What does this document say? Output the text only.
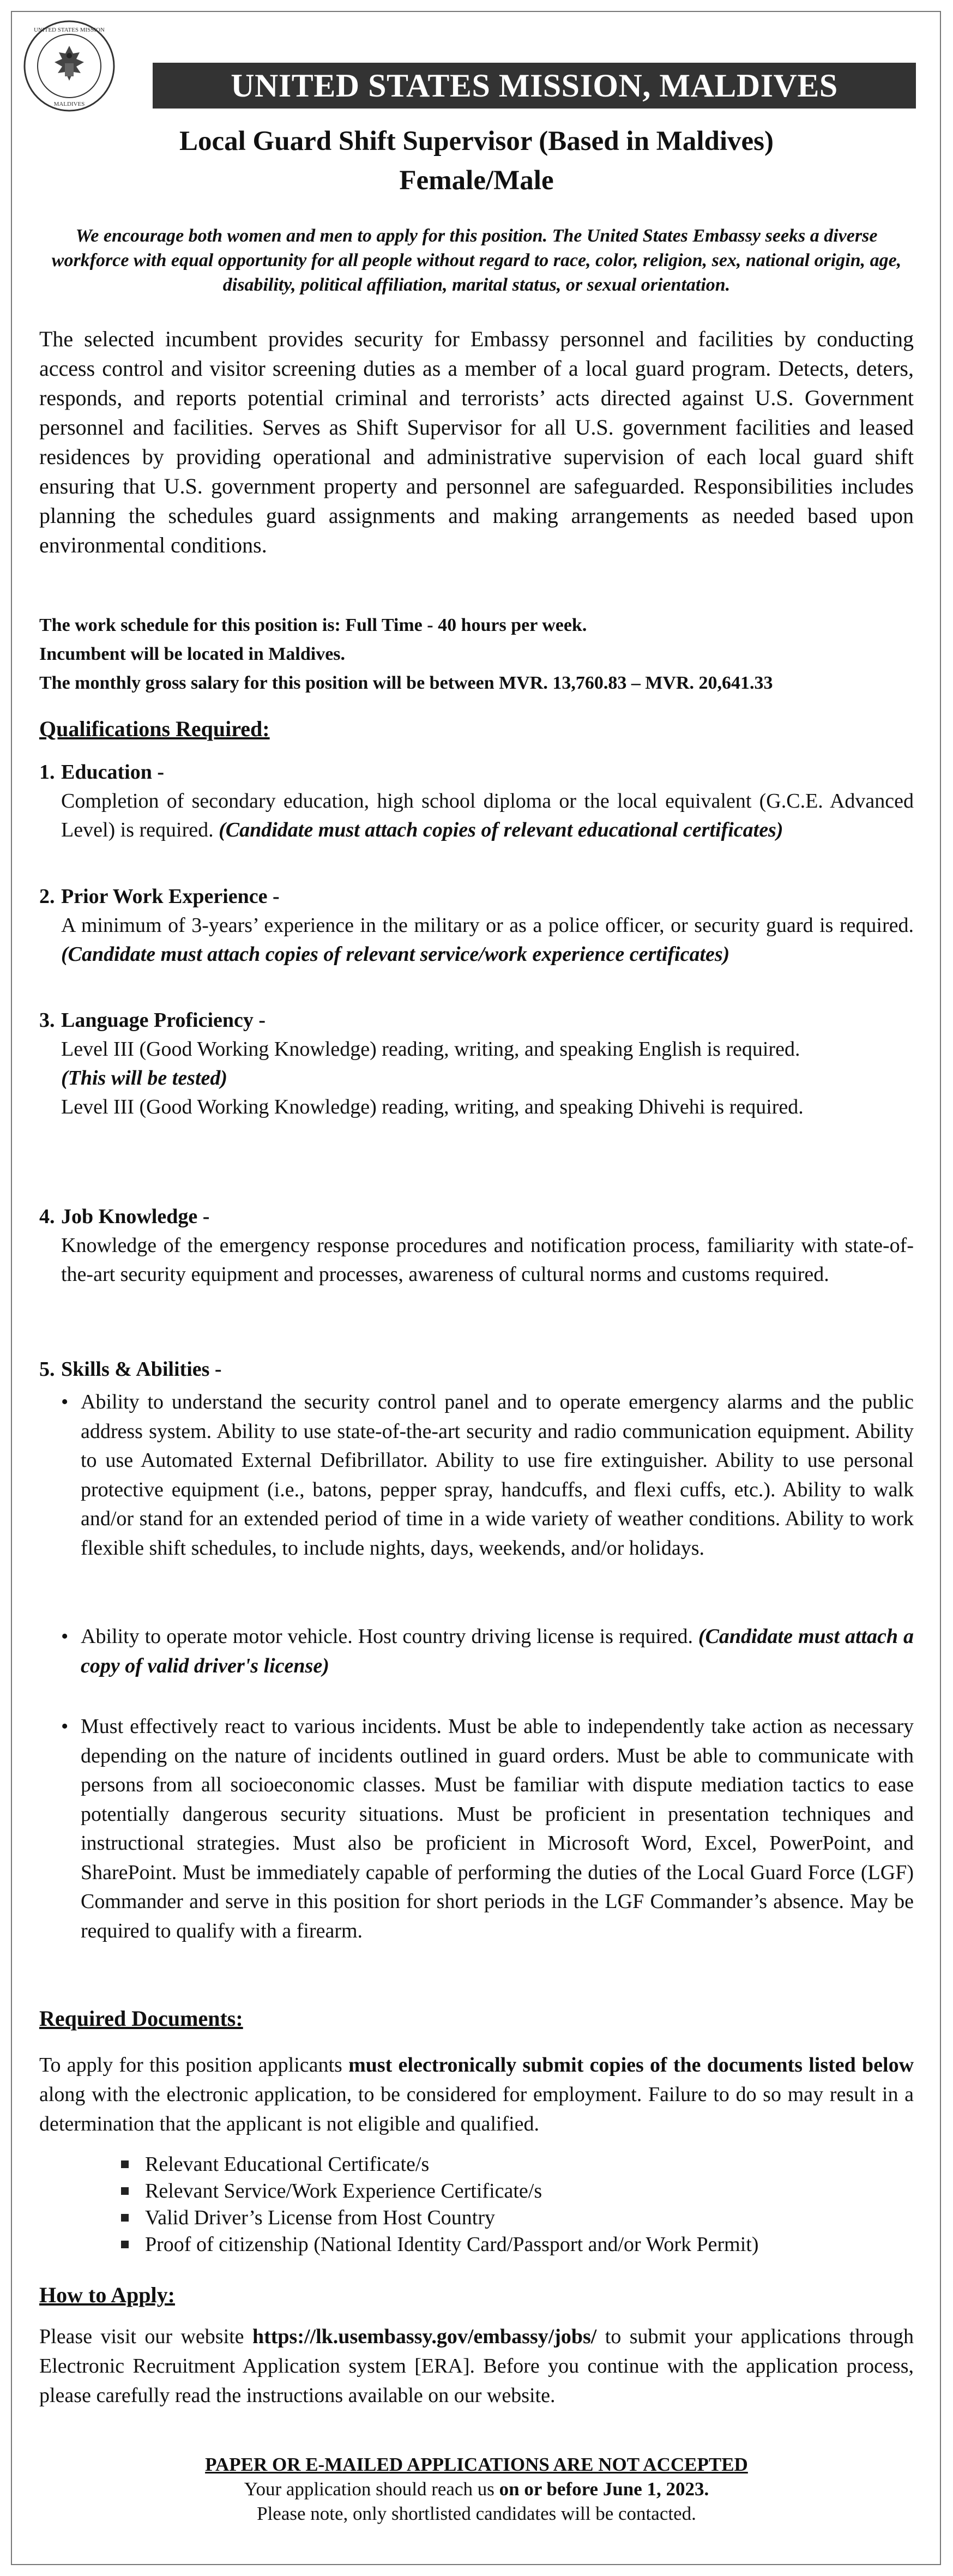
UNITED STATES MISSION
MALDIVES
UNITED STATES MISSION, MALDIVES
Local Guard Shift Supervisor (Based in Maldives)
Female/Male
We encourage both women and men to apply for this position. The United States Embassy seeks a diverse workforce with equal opportunity for all people without regard to race, color, religion, sex, national origin, age, disability, political affiliation, marital status, or sexual orientation.
The selected incumbent provides security for Embassy personnel and facilities by conducting access control and visitor screening duties as a member of a local guard program. Detects, deters, responds, and reports potential criminal and terrorists’ acts directed against U.S. Government personnel and facilities. Serves as Shift Supervisor for all U.S. government facilities and leased residences by providing operational and administrative supervision of each local guard shift ensuring that U.S. government property and personnel are safeguarded. Responsibilities includes planning the schedules guard assignments and making arrangements as needed based upon environmental conditions.
The work schedule for this position is: Full Time - 40 hours per week.
Incumbent will be located in Maldives.
The monthly gross salary for this position will be between MVR. 13,760.83 – MVR. 20,641.33
Qualifications Required:
1. Education -
Completion of secondary education, high school diploma or the local equivalent (G.C.E. Advanced Level) is required. (Candidate must attach copies of relevant educational certificates)
2. Prior Work Experience -
A minimum of 3-years’ experience in the military or as a police officer, or security guard is required. (Candidate must attach copies of relevant service/work experience certificates)
3. Language Proficiency -
Level III (Good Working Knowledge) reading, writing, and speaking English is required.
(This will be tested)
Level III (Good Working Knowledge) reading, writing, and speaking Dhivehi is required.
4. Job Knowledge -
Knowledge of the emergency response procedures and notification process, familiarity with state-of-the-art security equipment and processes, awareness of cultural norms and customs required.
5. Skills & Abilities -
• Ability to understand the security control panel and to operate emergency alarms and the public address system. Ability to use state-of-the-art security and radio communication equipment. Ability to use Automated External Defibrillator. Ability to use fire extinguisher. Ability to use personal protective equipment (i.e., batons, pepper spray, handcuffs, and flexi cuffs, etc.). Ability to walk and/or stand for an extended period of time in a wide variety of weather conditions. Ability to work flexible shift schedules, to include nights, days, weekends, and/or holidays.
• Ability to operate motor vehicle. Host country driving license is required. (Candidate must attach a copy of valid driver's license)
• Must effectively react to various incidents. Must be able to independently take action as necessary depending on the nature of incidents outlined in guard orders. Must be able to communicate with persons from all socioeconomic classes. Must be familiar with dispute mediation tactics to ease potentially dangerous security situations. Must be proficient in presentation techniques and instructional strategies. Must also be proficient in Microsoft Word, Excel, PowerPoint, and SharePoint. Must be immediately capable of performing the duties of the Local Guard Force (LGF) Commander and serve in this position for short periods in the LGF Commander’s absence. May be required to qualify with a firearm.
Required Documents:
To apply for this position applicants must electronically submit copies of the documents listed below along with the electronic application, to be considered for employment. Failure to do so may result in a determination that the applicant is not eligible and qualified.
Relevant Educational Certificate/s
Relevant Service/Work Experience Certificate/s
Valid Driver’s License from Host Country
Proof of citizenship (National Identity Card/Passport and/or Work Permit)
How to Apply:
Please visit our website https://lk.usembassy.gov/embassy/jobs/ to submit your applications through Electronic Recruitment Application system [ERA]. Before you continue with the application process, please carefully read the instructions available on our website.
PAPER OR E-MAILED APPLICATIONS ARE NOT ACCEPTED
Your application should reach us on or before June 1, 2023.
Please note, only shortlisted candidates will be contacted.
